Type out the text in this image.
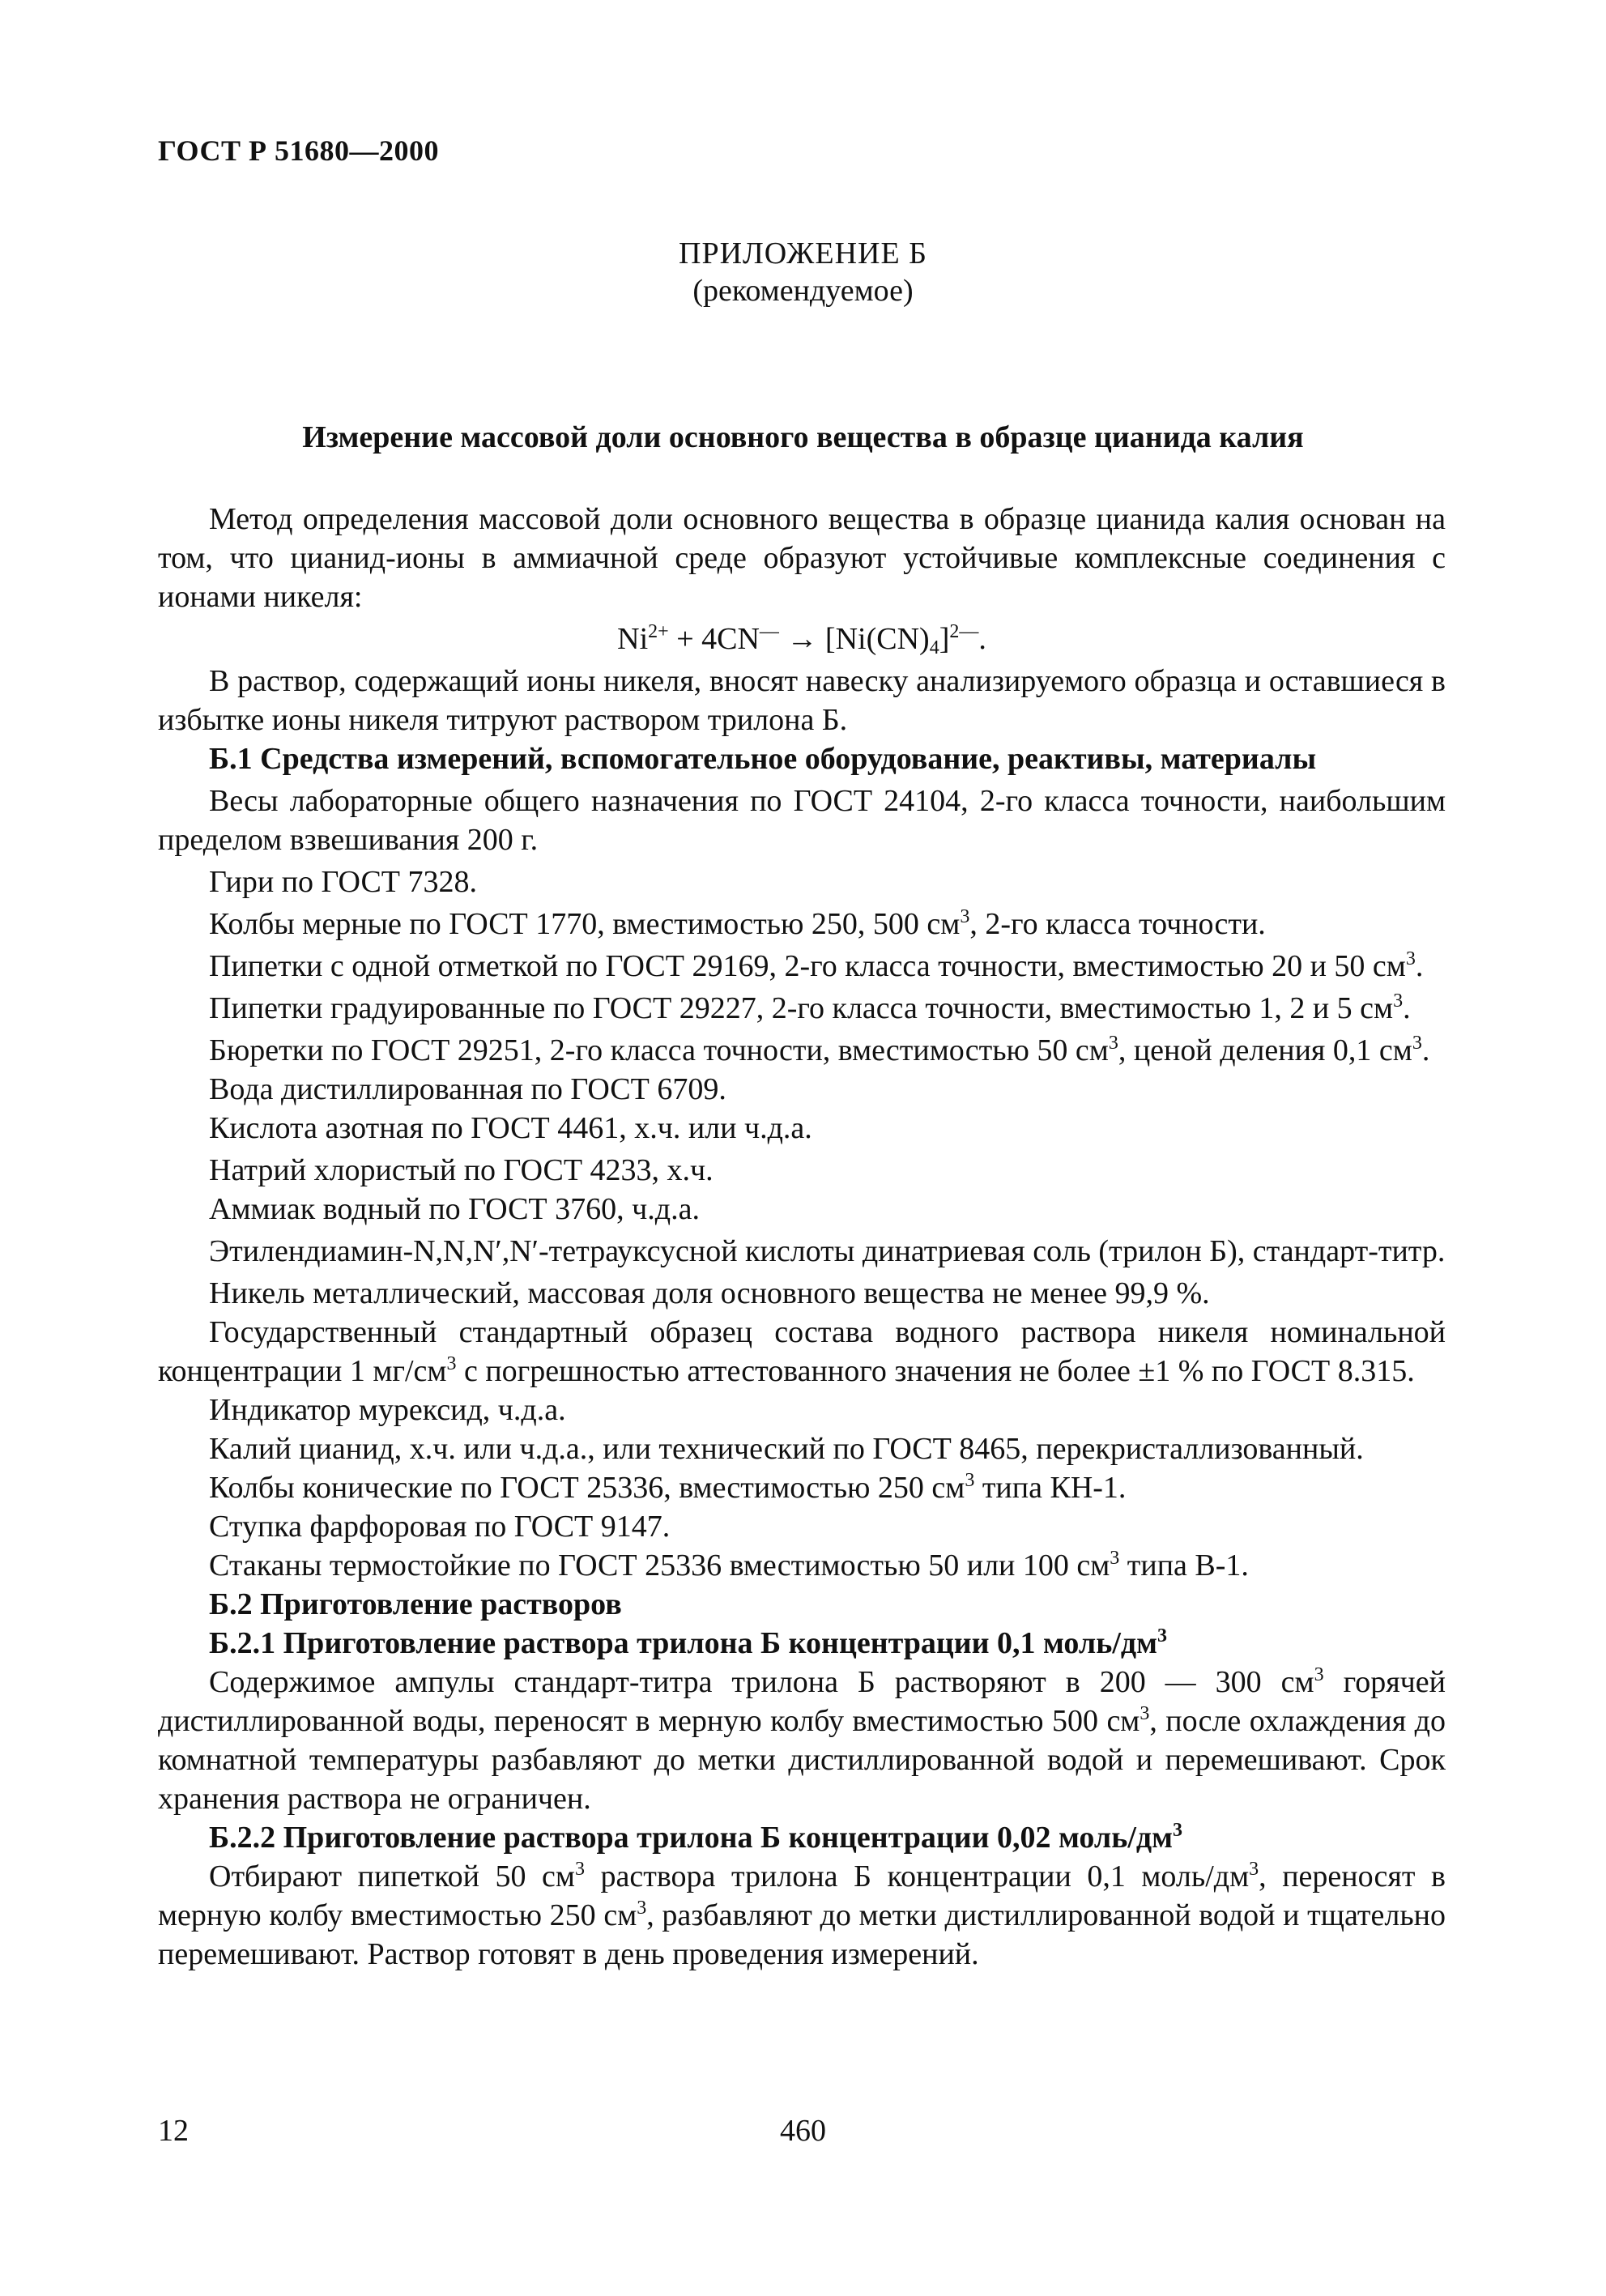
ГОСТ Р 51680—2000
ПРИЛОЖЕНИЕ Б
(рекомендуемое)
Измерение массовой доли основного вещества в образце цианида калия

Метод определения массовой доли основного вещества в образце цианида калия основан на том, что цианид-ионы в аммиачной среде образуют устойчивые комплексные соединения с ионами никеля:

$Ni^{2+} + 4CN^— \to [Ni(CN)_4]^{2—}$.

В раствор, содержащий ионы никеля, вносят навеску анализируемого образца и оставшиеся в избытке ионы никеля титруют раствором трилона Б.

Б.1 Средства измерений, вспомогательное оборудование, реактивы, материалы

Весы лабораторные общего назначения по ГОСТ 24104, 2-го класса точности, наибольшим пределом взвешивания 200 г.

Гири по ГОСТ 7328.

Колбы мерные по ГОСТ 1770, вместимостью 250, 500 $см^3$, 2-го класса точности.

Пипетки с одной отметкой по ГОСТ 29169, 2-го класса точности, вместимостью 20 и 50 $см^3$.

Пипетки градуированные по ГОСТ 29227, 2-го класса точности, вместимостью 1, 2 и 5 $см^3$.

Бюретки по ГОСТ 29251, 2-го класса точности, вместимостью 50 $см^3$, ценой деления 0,1 $см^3$.

Вода дистиллированная по ГОСТ 6709.

Кислота азотная по ГОСТ 4461, х.ч. или ч.д.а.

Натрий хлористый по ГОСТ 4233, х.ч.

Аммиак водный по ГОСТ 3760, ч.д.а.

Этилендиамин-N,N,N′,N′-тетрауксусной кислоты динатриевая соль (трилон Б), стандарт-титр.

Никель металлический, массовая доля основного вещества не менее 99,9 %.

Государственный стандартный образец состава водного раствора никеля номинальной концентрации 1 $мг/см^3$ с погрешностью аттестованного значения не более ±1 % по ГОСТ 8.315.

Индикатор мурексид, ч.д.а.

Калий цианид, х.ч. или ч.д.а., или технический по ГОСТ 8465, перекристаллизованный.

Колбы конические по ГОСТ 25336, вместимостью 250 $см^3$ типа КН-1.

Ступка фарфоровая по ГОСТ 9147.

Стаканы термостойкие по ГОСТ 25336 вместимостью 50 или 100 $см^3$ типа В-1.

Б.2 Приготовление растворов

Б.2.1 Приготовление раствора трилона Б концентрации 0,1 моль/$дм^3$

Содержимое ампулы стандарт-титра трилона Б растворяют в 200 — 300 $см^3$ горячей дистиллированной воды, переносят в мерную колбу вместимостью 500 $см^3$, после охлаждения до комнатной температуры разбавляют до метки дистиллированной водой и перемешивают. Срок хранения раствора не ограничен.

Б.2.2 Приготовление раствора трилона Б концентрации 0,02 моль/$дм^3$

Отбирают пипеткой 50 $см^3$ раствора трилона Б концентрации 0,1 моль/$дм^3$, переносят в мерную колбу вместимостью 250 $см^3$, разбавляют до метки дистиллированной водой и тщательно перемешивают. Раствор готовят в день проведения измерений.

12	460
